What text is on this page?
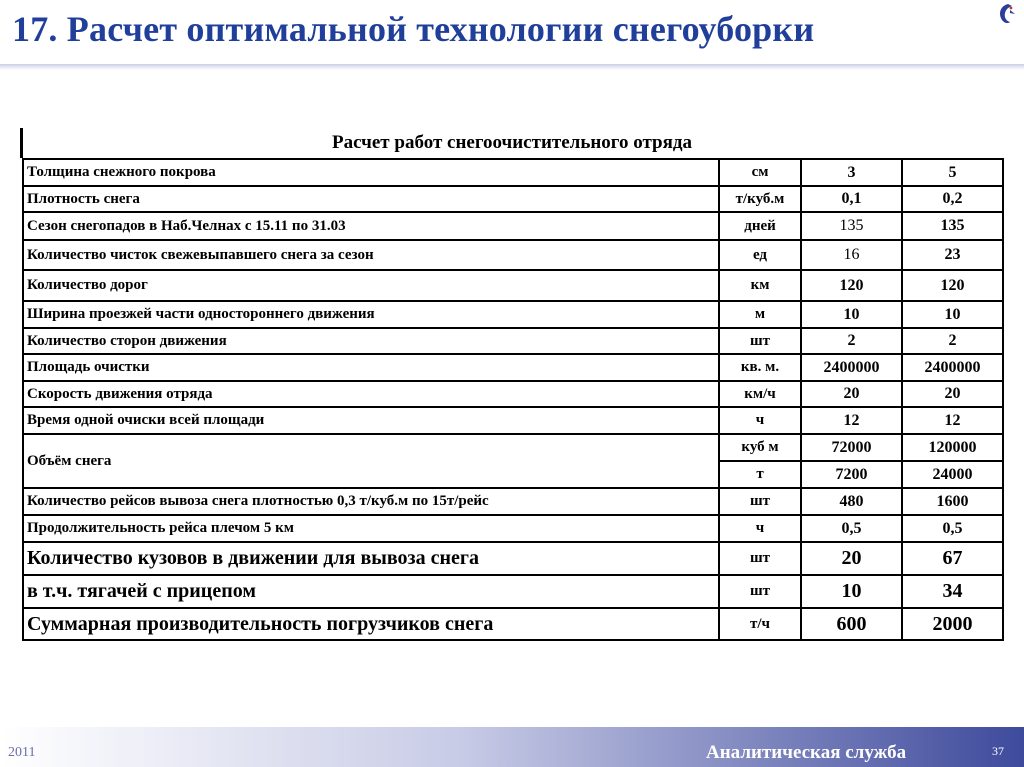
17. Расчет оптимальной технологии снегоуборки
Расчет работ снегоочистительного отряда
Толщина снежного покрова	см	3	5
Плотность снега	т/куб.м	0,1	0,2
Сезон снегопадов в Наб.Челнах с 15.11 по 31.03	дней	135	135
Количество чисток свежевыпавшего снега за сезон	ед	16	23
Количество дорог	км	120	120
Ширина проезжей части одностороннего движения	м	10	10
Количество сторон движения	шт	2	2
Площадь очистки	кв. м.	2400000	2400000
Скорость движения отряда	км/ч	20	20
Время одной очиски всей площади	ч	12	12
Объём снега	куб м	72000	120000
	т	7200	24000
Количество рейсов вывоза снега плотностью 0,3 т/куб.м по 15т/рейс	шт	480	1600
Продолжительность рейса плечом 5 км	ч	0,5	0,5
Количество кузовов в движении для вывоза снега	шт	20	67
в т.ч. тягачей с прицепом	шт	10	34
Суммарная производительность погрузчиков снега	т/ч	600	2000
2011	Аналитическая служба	37
